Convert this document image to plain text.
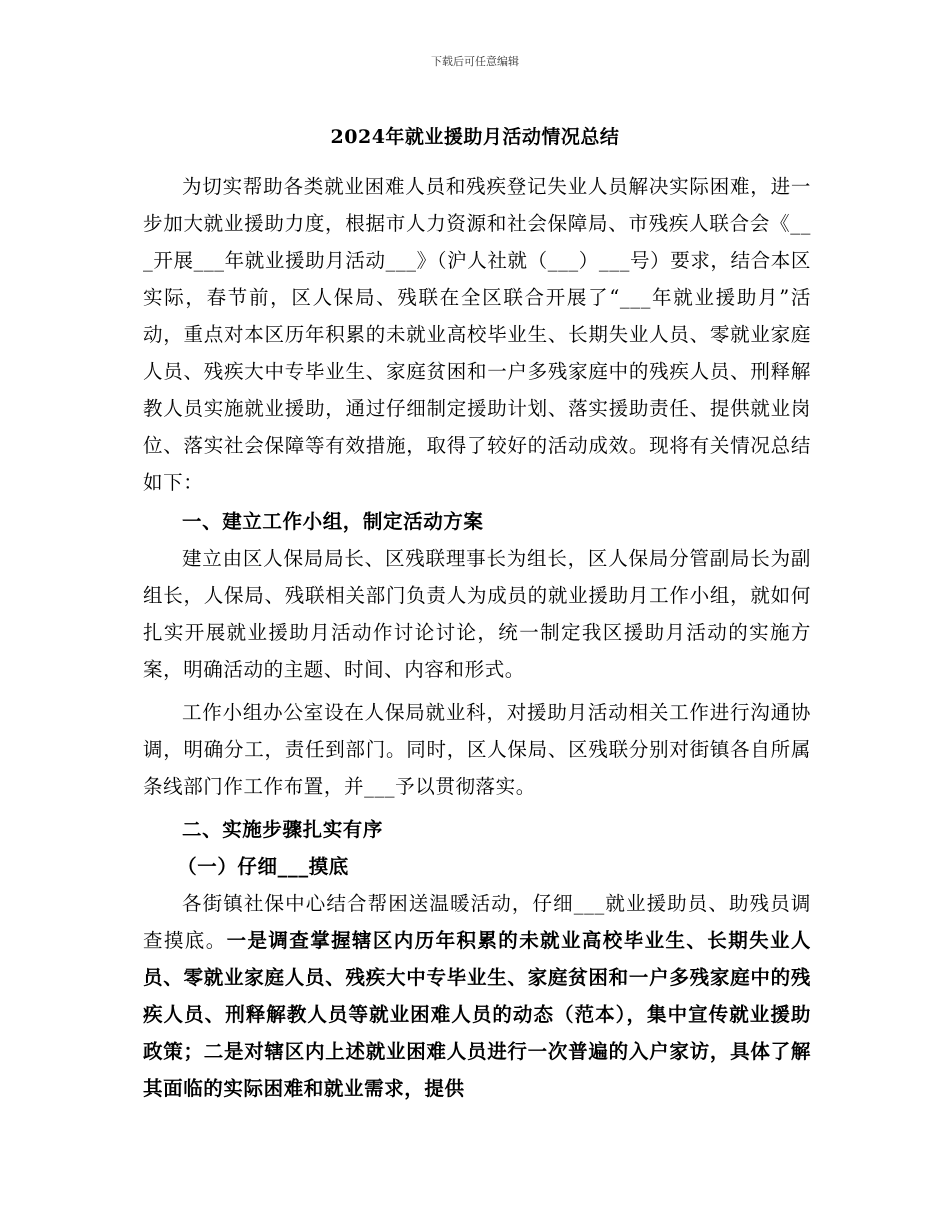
下载后可任意编辑
2024年就业援助月活动情况总结

为切实帮助各类就业困难人员和残疾登记失业人员解决实际困难，进一步加大就业援助力度，根据市人力资源和社会保障局、市残疾人联合会《___开展___年就业援助月活动___》（沪人社就（___）___号）要求，结合本区实际，春节前，区人保局、残联在全区联合开展了“___年就业援助月”活动，重点对本区历年积累的未就业高校毕业生、长期失业人员、零就业家庭人员、残疾大中专毕业生、家庭贫困和一户多残家庭中的残疾人员、刑释解教人员实施就业援助，通过仔细制定援助计划、落实援助责任、提供就业岗位、落实社会保障等有效措施，取得了较好的活动成效。现将有关情况总结如下：

一、建立工作小组，制定活动方案

建立由区人保局局长、区残联理事长为组长，区人保局分管副局长为副组长，人保局、残联相关部门负责人为成员的就业援助月工作小组，就如何扎实开展就业援助月活动作讨论讨论，统一制定我区援助月活动的实施方案，明确活动的主题、时间、内容和形式。

工作小组办公室设在人保局就业科，对援助月活动相关工作进行沟通协调，明确分工，责任到部门。同时，区人保局、区残联分别对街镇各自所属条线部门作工作布置，并___予以贯彻落实。

二、实施步骤扎实有序

（一）仔细___摸底

各街镇社保中心结合帮困送温暖活动，仔细___就业援助员、助残员调查摸底。一是调查掌握辖区内历年积累的未就业高校毕业生、长期失业人员、零就业家庭人员、残疾大中专毕业生、家庭贫困和一户多残家庭中的残疾人员、刑释解教人员等就业困难人员的动态（范本），集中宣传就业援助政策；二是对辖区内上述就业困难人员进行一次普遍的入户家访，具体了解其面临的实际困难和就业需求，提供
